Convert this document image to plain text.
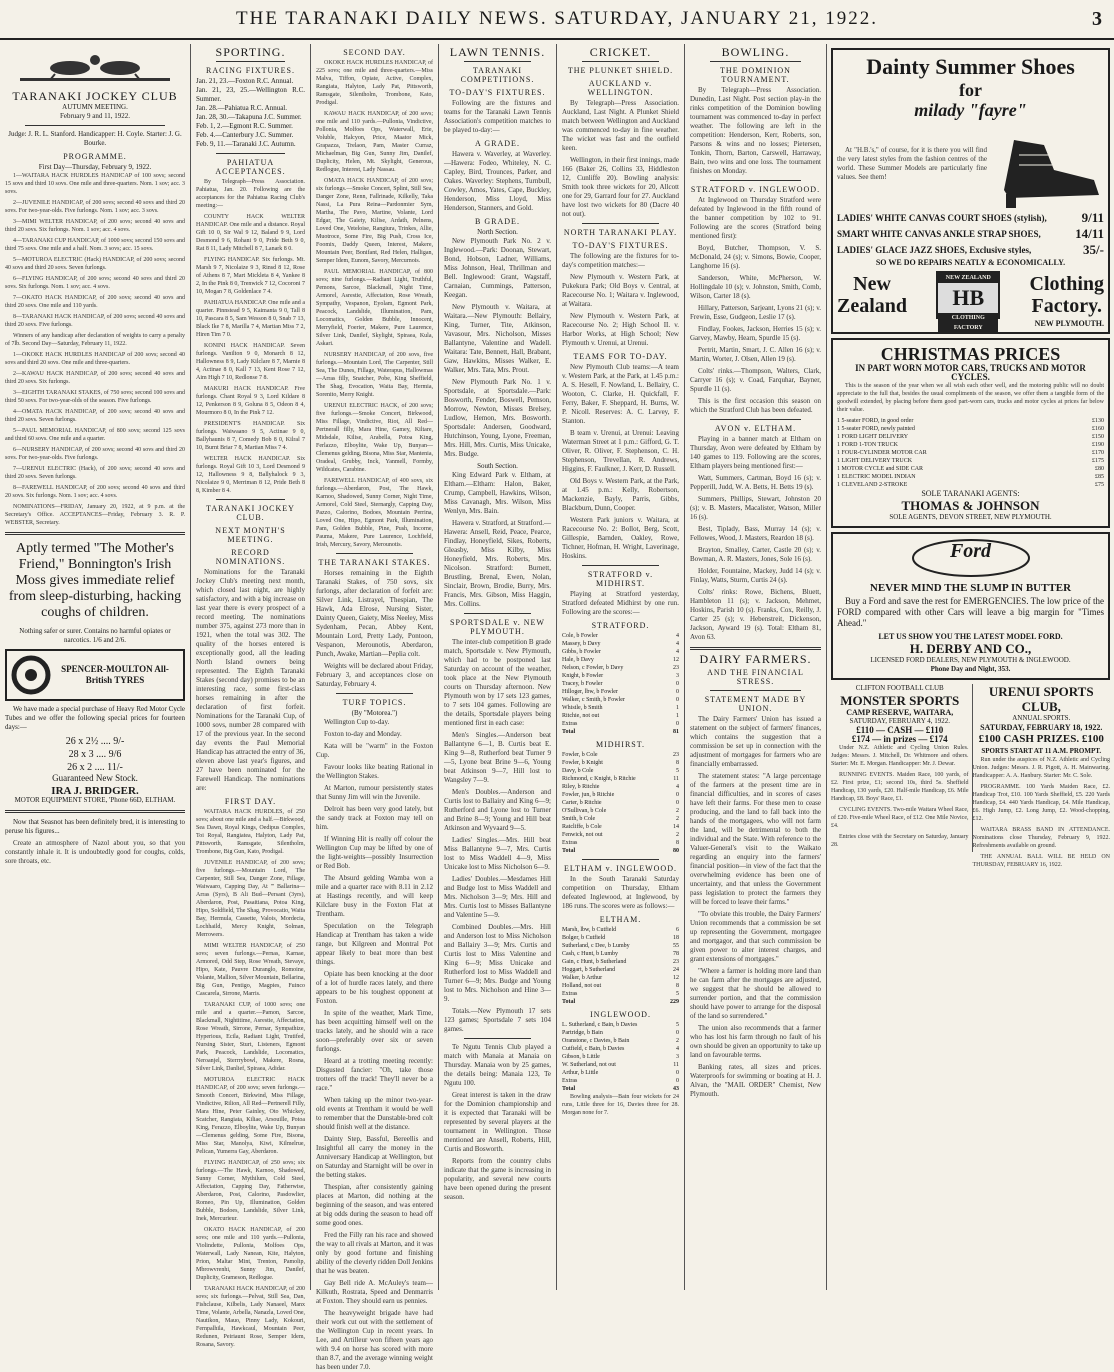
THE TARANAKI DAILY NEWS. SATURDAY, JANUARY 21, 1922.	3
TARANAKI JOCKEY CLUB
AUTUMN MEETING.
February 9 and 11, 1922.

Judge: J. R. L. Stanford. Handicapper: H. Coyle. Starter: J. G. Bourke.

PROGRAMME.
First Day—Thursday, February 9, 1922.

1—WAITARA HACK HURDLES HANDICAP of 100 sovs; second 15 sovs and third 10 sovs. One mile and three-quarters. Nom. 1 sov; acc. 3 sovs.

2—JUVENILE HANDICAP, of 200 sovs; second 40 sovs and third 20 sovs. For two-year-olds. Five furlongs. Nom. 1 sov; acc. 3 sovs.

3—MIMI WELTER HANDICAP, of 200 sovs; second 40 sovs and third 20 sovs. Six furlongs. Nom. 1 sov; acc. 4 sovs.

4—TARANAKI CUP HANDICAP, of 1000 sovs; second 150 sovs and third 75 sovs. One mile and a half. Nom. 3 sovs; acc. 15 sovs.

5—MOTUROA ELECTRIC (Hack) HANDICAP, of 200 sovs; second 40 sovs and third 20 sovs. Seven furlongs.

6—FLYING HANDICAP, of 200 sovs; second 40 sovs and third 20 sovs. Six furlongs. Nom. 1 sov; acc. 4 sovs.

7—OKATO HACK HANDICAP, of 200 sovs; second 40 sovs and third 20 sovs. One mile and 110 yards.

8—TARANAKI HACK HANDICAP, of 200 sovs; second 40 sovs and third 20 sovs. Five furlongs.

Winners of any handicap after declaration of weights to carry a penalty of 7lb. Second Day—Saturday, February 11, 1922.

1—OKOKE HACK HURDLES HANDICAP of 200 sovs; second 40 sovs and third 20 sovs. One mile and three-quarters.

2—KAWAU HACK HANDICAP, of 200 sovs; second 40 sovs and third 20 sovs. Six furlongs.

3—EIGHTH TARANAKI STAKES, of 750 sovs; second 100 sovs and third 50 sovs. For two-year-olds of the season. Five furlongs.

4—OMATA HACK HANDICAP, of 200 sovs; second 40 sovs and third 20 sovs. Seven furlongs.

5—PAUL MEMORIAL HANDICAP, of 800 sovs; second 125 sovs and third 60 sovs. One mile and a quarter.

6—NURSERY HANDICAP, of 200 sovs; second 40 sovs and third 20 sovs. For two-year-olds. Five furlongs.

7—URENUI ELECTRIC (Hack), of 200 sovs; second 40 sovs and third 20 sovs. Seven furlongs.

8—FAREWELL HANDICAP, of 200 sovs; second 40 sovs and third 20 sovs. Six furlongs. Nom. 1 sov; acc. 4 sovs.

NOMINATIONS—FRIDAY, January 20, 1922, at 9 p.m. at the Secretary's Office. ACCEPTANCES—Friday, February 3. R. P. WEBSTER, Secretary.

Aptly termed "The Mother's Friend," Bonnington's Irish Moss gives immediate relief from sleep-disturbing, hacking coughs of children.

Nothing safer or surer. Contains no harmful opiates or narcotics. 1/6 and 2/6.

SPENCER-MOULTON All-British TYRES

We have made a special purchase of Heavy Red Motor Cycle Tubes and we offer the following special prices for fourteen days:—

26 x 2½ .... 9/-
28 x 3 .... 9/6
26 x 2 .... 11/-
Guaranteed New Stock.
IRA J. BRIDGER.
MOTOR EQUIPMENT STORE, 'Phone 66D, ELTHAM.

Now that Seasnot has been definitely bred, it is interesting to peruse his figures...

Create an atmosphere of Nazol about you, so that you constantly inhale it. It is undoubtedly good for coughs, colds, sore throats, etc.

SPORTING.
RACING FIXTURES.
Jan. 21, 23.—Foxton R.C. Annual.
Jan. 21, 23, 25.—Wellington R.C. Summer.
Jan. 28.—Pahiatua R.C. Annual.
Jan. 28, 30.—Takapuna J.C. Summer.
Feb. 1, 2.—Egmont R.C. Summer.
Feb. 4.—Canterbury J.C. Summer.
Feb. 9, 11.—Taranaki J.C. Autumn.
PAHIATUA ACCEPTANCES.

By Telegraph—Press Association. Pahiatua, Jan. 20. Following are the acceptances for the Pahiatua Racing Club's meeting:—

COUNTY HACK WELTER HANDICAP. One mile and a distance. Royal Gift 10 0, Sir Wal 9 12, Baland 9 9, Lord Desmond 9 6, Rohani 9 0, Pride Beth 9 0, Rat 8 11, Lady Mitchell 8 7, Lanark 8 0.

FLYING HANDICAP. Six furlongs. Mt. Marsh 9 7, Nicolaize 9 3, Rinsd 8 12, Rose of Athens 8 7, Mart Mickleta 8 4, Yankee 8 2, In the Pink 8 0, Trenwick 7 12, Cocoroni 7 10, Mogan 7 8, Goldenlace 7 4.

PAHIATUA HANDICAP. One mile and a quarter. Pinnstead 9 5, Kaimanta 9 0, Tall 8 10, Pascara 8 5, Sam Wesson 8 0, Snab 7 13, Black Ike 7 8, Marilla 7 4, Martian Miss 7 2, Hiren Tim 7 0.

KONINI HACK HANDICAP. Seven furlongs. Vanilton 9 0, Monarch 8 12, Hallowness 8 9, Lady Kilclare 8 7, Marnie 8 4, Actinae 8 0, Kall 7 13, Kent Rose 7 12, Aim High 7 10, Redlonse 7 8.

MAKURI HACK HANDICAP. Five furlongs. Chant Royal 9 3, Lord Kildare 8 12, Penkerson 8 9, Goluna 8 5, Odeon 8 4, Mourmoro 8 0, In the Pink 7 12.

PRESIDENT'S HANDICAP. Six furlongs. Waiwaano 9 5, Actinae 9 0, Ballyhaunis 8 7, Comedy Bob 8 0, Kilral 7 10, Burnt Briar 7 8, Martian Miss 7 4.

WELTER HACK HANDICAP. Six furlongs. Royal Gift 10 3, Lord Desmond 9 12, Hallowness 9 8, Ballyhalock 9 3, Nicolaize 9 0, Merriman 8 12, Pride Beth 8 8, Kimber 8 4.

TARANAKI JOCKEY CLUB.
NEXT MONTH'S MEETING.
RECORD NOMINATIONS.

Nominations for the Taranaki Jockey Club's meeting next month, which closed last night, are highly satisfactory, and with a big increase on last year there is every prospect of a record meeting. The nominations number 375, against 273 more than in 1921, when the total was 302. The quality of the horses entered is exceptionally good, all the leading North Island owners being represented. The Eighth Taranaki Stakes (second day) promises to be an interesting race, some first-class horses remaining in after the declaration of first forfeit. Nominations for the Taranaki Cup, of 1000 sovs, number 28 compared with 17 of the previous year. In the second day events the Paul Memorial Handicap has attracted the entry of 36, eleven above last year's figures, and 27 have been nominated for the Farewell Handicap. The nominations are:

FIRST DAY.

WAITARA HACK HURDLES, of 250 sovs; about one mile and a half.—Birkwood, Sea Dawn, Royal Kings, Oedipus Complex, Toi Royal, Rangiatea, Halyton, Lady Pat, Pittsworth, Ramsgate, Silentholm, Trombone, Big Gun, Kato, Prodigal.

JUVENILE HANDICAP, of 200 sovs; five furlongs.—Mountain Lord, The Carpenter, Still Sea, Danger Zone, Fillage, Waiwaaro, Capping Day, At ''' Ballarina—Arras (Syrs), B Ali Bud—Persant (3yrs), Aberdaron, Post, Pasaitiana, Potoa King, Hipo, Soldfield, The Shag, Provocatio, Waita Bay, Hermula, Cassette, Valois, Mordecia, Lochhaild, Mercy Knight, Solman, Merrowers.

MIMI WELTER HANDICAP, of 250 sovs; seven furlongs.—Pernas, Karnae, Armored, Odd Step, Rose Wreath, Stevaye, Hipo, Kate, Pauvre Duranglo, Romoine, Volante, Mallion, Silver Mountain, Bellarina, Big Gun, Pentigo, Magpies, Fuinco Cascarela, Sirrone, Marris.

TARANAKI CUP, of 1000 sovs; one mile and a quarter.—Pamon, Sarcoe, Blackmall, Nightitime, Asrestie, Affectation, Rose Wreath, Sirrone, Pernar, Sympathize, Hyperious, Ecila, Radiant Light, Trutifed, Nursing Sister, Sturt, Listeners, Egmont Park, Peacock, Landslide, Locomatics, Neroanjel, Sterrrybowl, Makere, Rosna, Silver Link, Danlief, Spiraea, Adidar.

MOTUROA ELECTRIC HACK HANDICAP, of 200 sovs; seven furlongs.—Smooth Concert, Birkwind, Miss Fillage, Vindictive, Rilion, All Red—Pertnerell Filly, Mara Hine, Peter Gainley, Oto Whickey, Scatcher, Rangiata, Kiliae, Arsouille, Potoa King, Ferazzo, Elboylite, Wake Up, Bunyan—Clemenus gelding, Some Fire, Bisona, Miss Star, Manolya, Kiwi, Kilmelrue, Pelican, Yumerra Gay, Aberdaron.

FLYING HANDICAP, of 250 sovs; six furlongs.—The Hawk, Karnoo, Shadowed, Sunny Corner, Mythilum, Cold Steel, Affectation, Capping Day, Fatherwise, Aberdaron, Post, Calorino, Pasdowlier, Romeo, Pin Up, Illumination, Golden Bubble, Bodoes, Landslide, Silver Link, Inek, Mercurieur.

OKATO HACK HANDICAP, of 200 sovs; one mile and 110 yards.—Pullonia, Violindette, Pullonia, Molfoes Ops, Waterwall, Lady Nanean, Kite, Halyton, Prion, Maltar Mint, Trenton, Pamolip, Mbrowvrenhi, Sunny Jim, Danilef, Duplicity, Grameson, Redlogue.

TARANAKI HACK HANDICAP, of 200 sovs; six furlongs.—Pelvat, Still Sea, Dan, Fishclause, Kilbelis, Lady Nanaeel, Manx Time, Volante, Arbella, Nanazla, Loved One, Nautikon, Mauo, Pinny Lady, Kokouri, Fernpalhila, Hawkcaul, Mountain Peer, Redunen, Peiriaunt Rose, Semper Idem, Rosana, Savory.

SECOND DAY.

OKOKE HACK HURDLES HANDICAP, of 225 sovs; one mile and three-quarters.—Miss Malva, Tiffon, Opiate, Active, Complex, Rangiata, Halyton, Lady Pat, Pittsworth, Ramsgate, Silentholm, Trombone, Kato, Prodigal.

KAWAU HACK HANDICAP, of 200 sovs; one mile and 110 yards.—Pullonia, Vindictive, Pollonia, Molfoes Ops, Waterwall, Erie, Voluble, Halcyon, Price, Maator Mick, Grapazza, Trelaon, Pam, Master Curraz, Michaelman, Big Gun, Sunny Jim, Danilef, Duplicity, Helen, Mt. Skylight, Generous, Redlogue, Interest, Lady Nassau.

OMATA HACK HANDICAP, of 200 sovs; six furlongs.—Smoke Concert, Splint, Still Sea, Danger Zone, Renn, Fallrinade, Kilkelly, Taka Nassi, La Pura Reina—Pardonmier Sym, Martha, The Pavo, Martine, Volante, Lord Edgar, The Gaiety, Kilise, Ardath, Pelnens, Loved One, Veteloise, Rangiura, Trinkes, Allie, Muotroce, Some Fire, Big Push, Cross Ice, Foomix, Daddy Queen, Interest, Makere, Mountain Peer, Bonifant, Red Helen, Halligan, Semper Idem, Eunom, Savory, Mercurnois.

PAUL MEMORIAL HANDICAP, of 800 sovs; nine furlongs.—Radiant Light, Truthful, Pemons, Sarcoe, Blackmall, Night Time, Armorel, Asrestie, Affectation, Rose Wreath, Sympathy, Vespanon, Eyolam, Egmont Park, Peacock, Landslide, Illumination, Pam, Locomatics, Golden Bubble, Innocent, Merryfield, Foerier, Makere, Pure Laurence, Silver Link, Danilef, Skylight, Spiraea, Kula, Askari.

NURSERY HANDICAP, of 200 sovs, five furlongs.—Mountain Lord, The Carpenter, Still Sea, The Dunes, Fillage, Waterapus, Hallowmas—Arras filly, Snatcher, Pobe, King Sheffield, The Shag, Evocation, Waita Bay, Hermia, Sorenito, Merry Knight.

URENUI ELECTRIC HACK, of 200 sovs; five furlongs.—Smoke Concert, Birkwood, Miss Fillage, Vindictive, Riot, All Red—Pertnerall filly, Mara Hine, Gamey, Kiltare, Midsdale, Kilise, Arabella, Potoa King, Ferlazzo, Elboylite, Wake Up, Bunyan—Clemenus gelding, Bisona, Miss Star, Mantenia, Oradeal, Grubby, Inck, Yanmell, Formby, Wildcates, Carabine.

FAREWELL HANDICAP, of 400 sovs, six furlongs.—Aberdaron, Post, The Hawk, Karnoo, Shadowed, Sunny Corner, Night Time, Armorel, Cold Steel, Sternargly, Capping Day, Pazzo, Calorino, Bodoes, Mountain Perrina, Loved One, Hipo, Egmont Park, Illumination, Pam, Golden Bubble, Pine, Push, Incorne, Pauma, Makere, Pure Laurence, Lochfield, Irish, Mercury, Savory, Merounotis.

THE TARANAKI STAKES.

Horses remaining in the Eighth Taranaki Stakes, of 750 sovs, six furlongs, after declaration of forfeit are: Silver Link, Listrayel, Thespian, The Hawk, Ada Elrose, Nursing Sister, Dainty Queen, Gaiety, Miss Neeley, Miss Sydenham, Pecan, Abbey Kent, Mountain Lord, Pretty Lady, Pontoon, Vespanon, Merounotis, Aberdaron, Punch, Awake, Martian—Peplia colt.

Weights will be declared about Friday, February 3, and acceptances close on Saturday, February 4.

TURF TOPICS.
(By "Motorea.")

Wellington Cup to-day.

Foxton to-day and Monday.

Kata will be "warm" in the Foxton Cup.

Favour looks like beating Rational in the Wellington Stakes.

At Marton, rumour persistently states that Sunny Jim will win the Juvenile.

Delroit has been very good lately, but the sandy track at Foxton may tell on him.

If Winning Hit is really off colour the Wellington Cup may be lifted by one of the light-weights—possibly Insurrection or Red Bob.

The Absurd gelding Wamba won a mile and a quarter race with 8.11 in 2.12 at Hastings recently, and will keep Kilclare busy in the Foxton Flat at Trentham.

Speculation on the Telegraph Handicap at Trentham has taken a wide range, but Kilgreen and Montral Pot appear likely to beat more than best things.

Opiate has been knocking at the door of a lot of hurdle races lately, and there appears to be his toughest opponent at Foxton.

In spite of the weather, Mark Time, has been acquitting himself well on the tracks lately, and he should win a race soon—preferably over six or seven furlongs.

Heard at a trotting meeting recently: Disgusted fancier: "Oh, take those trotters off the track! They'll never be a race."

When taking up the minor two-year-old events at Trentham it would be well to remember that the Dunstable-bred colt should finish well at the distance.

Dainty Step, Bassful, Bereellis and Insightful all carry the money in the Anniversary Handicap at Wellington, but on Saturday and Starnight will be over in the betting stakes.

Thespian, after consistently gaining places at Marton, did nothing at the beginning of the season, and was entered at big odds during the season to head off some good ones.

Fred the Filly ran his race and showed the way to all rivals at Marton, and it was only by good fortune and finishing ability of the cleverly ridden Doll Jenkins that he was beaten.

Gay Bell ride A. McAuley's team—Kilkuth, Rostrata, Speed and Denmarris at Foxton. They should earn us pennies.

The heavyweight brigade have had their work cut out with the settlement of the Wellington Cup in recent years. In Lee, and Artilleur won fifteen years ago with 9.4 on horse has scored with more than 8.7, and the average winning weight has been under 7.0.

LAWN TENNIS.
TARANAKI COMPETITIONS.
TO-DAY'S FIXTURES.

Following are the fixtures and teams for the Taranaki Lawn Tennis Association's competition matches to be played to-day:—

A GRADE.

Hawera v. Waverley, at Waverley.—Hawera: Fodeo, Whiteley, N. C. Capley, Bird, Trounces, Parker, and Oakes. Waverley: Stephens, Turnbull, Cowley, Amos, Yates, Cape, Buckley, Henderson, Miss Lloyd, Miss Henderson, Stanners, and Gold.

B GRADE.
North Section.

New Plymouth Park No. 2 v. Inglewood.—Park: Doonan, Stewart, Bond, Hobson, Ladner, Williams, Miss Johnson, Heal, Thrillman and Bell. Inglewood: Grant, Wagstaff, Carnaian, Cummings, Patterson, Keegan.

New Plymouth v. Waitara, at Waitara.—New Plymouth: Bellairy, King, Turner, Tite, Atkinson, Vavasour, Mrs. Nicholson, Misses Ballantyne, Valentine and Wadell. Waitara: Tate, Bennett, Hall, Brabant, Gaw, Hawkins, Misses Walker, E. Walker, Mrs. Tata, Mrs. Prout.

New Plymouth Park No. 1 v. Sportsdale, at Sportsdale.—Park: Bosworth, Fender, Boswell, Pemson, Morrow, Newton, Misses Brelsey, Ludlow, Hemon, Mrs. Bosworth. Sportsdale: Andersen, Goodward, Hutchinson, Young, Lyone, Freeman, Mrs. Hill, Mrs. Curtis, Miss Unicake, Mrs. Budge.

South Section.

King Edward Park v. Eltham, at Eltham.—Eltham: Halon, Baker, Crump, Campbell, Hawkins, Wilson, Miss Cavanagh, Mrs. Wilson, Miss Wenlyn, Mrs. Bain.

Hawera v. Stratford, at Stratford.—Hawera: Ansell, Reid, Peace, Pearce, Findlay, Honeyfield, Sikes, Roberts, Gleasby, Miss Kilby, Miss Honeyfield, Mrs. Roberts, Mrs. Nicolson. Stratford: Burnett, Brustling, Brenal, Ewen, Nolan, Sinclair, Brown, Brodie, Burry, Mrs. Francis, Mrs. Gibson, Miss Haggin, Mrs. Collins.

SPORTSDALE v. NEW PLYMOUTH.

The inter-club competition B grade match, Sportsdale v. New Plymouth, which had to be postponed last Saturday on account of the weather, took place at the New Plymouth courts on Thursday afternoon. New Plymouth won by 17 sets 123 games, to 7 sets 104 games. Following are the details, Sportsdale players being mentioned first in each case:

Men's Singles.—Anderson beat Ballantyne 6—1, B. Curtis beat E. King 9—8, Rutherford beat Turner 9—5, Lyone beat Brine 9—6, Young beat Atkinson 9—7, Hill lost to Wangsley 7—9.

Men's Doubles.—Anderson and Curtis lost to Ballairy and King 6—9; Rutherford and Lyone lost to Turner and Brine 8—9; Young and Hill beat Atkinson and Wyvaard 9—5.

Ladies' Singles.—Mrs. Hill beat Miss Ballantyne 9—7, Mrs. Curtis lost to Miss Waddell 4—9, Miss Unicake lost to Miss Nicholson 6—9.

Ladies' Doubles.—Mesdames Hill and Budge lost to Miss Waddell and Mrs. Nicholson 3—9; Mrs. Hill and Mrs. Curtis lost to Misses Ballantyne and Valentine 5—9.

Combined Doubles.—Mrs. Hill and Anderson lost to Miss Nicholson and Ballairy 3—9; Mrs. Curtis and Curtis lost to Miss Valentine and King 6—9; Miss Unicake and Rutherford lost to Miss Waddell and Turner 6—9; Mrs. Budge and Young lost to Mrs. Nicholson and Hine 3—9.

Totals.—New Plymouth 17 sets 123 games; Sportsdale 7 sets 104 games.

Te Ngutu Tennis Club played a match with Manaia at Manaia on Thursday. Manaia won by 25 games, the details being: Manaia 123, Te Ngutu 100.

Great interest is taken in the draw for the Dominion championship and it is expected that Taranaki will be represented by several players at the tournament in Wellington. Those mentioned are Ansell, Roberts, Hill, Curtis and Bosworth.

Reports from the country clubs indicate that the game is increasing in popularity, and several new courts have been opened during the present season.

CRICKET.
THE PLUNKET SHIELD.
AUCKLAND v. WELLINGTON.

By Telegraph—Press Association. Auckland, Last Night. A Plunket Shield match between Wellington and Auckland was commenced to-day in fine weather. The wicket was fast and the outfield keen.

Wellington, in their first innings, made 166 (Baker 26, Collins 33, Hiddleston 12, Cunliffe 20). Bowling analysis: Smith took three wickets for 20, Allcott one for 29, Garrard four for 27. Auckland have lost two wickets for 80 (Dacre 40 not out).

NORTH TARANAKI PLAY.
TO-DAY'S FIXTURES.

The following are the fixtures for to-day's competition matches:—

New Plymouth v. Western Park, at Pukekura Park; Old Boys v. Central, at Racecourse No. 1; Waitara v. Inglewood, at Waitara.

New Plymouth v. Western Park, at Racecourse No. 2; High School II. v. Harbor Works, at High School; New Plymouth v. Urenui, at Urenui.

TEAMS FOR TO-DAY.

New Plymouth Club teams:—A team v. Western Park, at the Park, at 1.45 p.m.: A. S. Hesell, F. Nowland, L. Bellairy, C. Wooton, C. Clarke, H. Quickfall, F. Ferry, Baker, F. Sheppard, H. Burns, W. P. Nicoll. Reserves: A. C. Larvey, F. Stanton.

B team v. Urenui, at Urenui: Leaving Waterman Street at 1 p.m.: Gifford, G. T. Oliver, R. Oliver, F. Stephenson, C. H. Stephenson, Trevellan, R. Andrews, Higgins, F. Faulkner, J. Kerr, D. Russell.

Old Boys v. Western Park, at the Park, at 1.45 p.m.: Kelly, Robertson, Mackenzie, Bayly, Parris, Gibbs, Blackburn, Dunn, Cooper.

Western Park juniors v. Waitara, at Racecourse No. 2: Bollot, Berg, Scott, Gillespie, Barnden, Oakley, Rowe, Tichner, Hofman, H. Wright, Laverinage, Hoskins.

STRATFORD v. MIDHIRST.

Playing at Stratford yesterday, Stratford defeated Midhirst by one run. Following are the scores:—

STRATFORD.
Cole, b Fowler	4
Massey, b Davy	4
Gibbs, b Fowler	4
Hale, b Davy	12
Nelson, c Fowler, b Davy	23
Knight, b Fowler	3
Tracey, b Fowler	0
Hilloger, lbw, b Fowler	0
Walker, c Smith, b Fowler	0
Whistle, b Smith	1
Ritchie, not out	1
Extras	0
Total	81
MIDHIRST.
Fowler, b Cole	23
Fowler, b Knight	8
Davy, b Cole	5
Richmond, c Knight, b Ritchie	11
Riley, b Ritchie	4
Fowler, jun, b Ritchie	0
Carter, b Ritchie	0
O'Sullivan, b Cole	2
Smith, b Cole	2
Ratcliffe, b Cole	14
Fenwick, not out	2
Extras	8
Total	80
ELTHAM v. INGLEWOOD.

In the South Taranaki Saturday competition on Thursday, Eltham defeated Inglewood, at Inglewood, by 186 runs. The scores were as follows:—

ELTHAM.
Marsh, lbw, b Cutfield	6
Bolger, b Cutfield	18
Sutherland, c Dee, b Lumby	55
Cash, c Hunt, b Lumby	78
Gain, c Hunt, b Sutherland	23
Hoggart, b Sutherland	24
Walker, b Arthur	12
Holland, not out	8
Extras	5
Total	229
INGLEWOOD.
L. Sutherland, c Bain, b Davies	5
Partridge, b Bain	0
Oranstone, c Davies, b Bain	2
Cutfield, c Bain, b Davies	4
Gibson, b Little	3
W. Sutherland, not out	11
Arthur, b Little	0
Extras	0
Total	43

Bowling analysis—Bain four wickets for 24 runs, Little three for 16, Davies three for 28. Morgan none for 7.

BOWLING.
THE DOMINION TOURNAMENT.

By Telegraph—Press Association. Dunedin, Last Night. Post section play-in the rinks competition of the Dominion bowling tournament was commenced to-day in perfect weather. The following are left in the competition: Henderson, Kerr, Roberts, son, Parsons & wins and no losses; Pietersen, Tonkin, Thorn, Barton, Carswell, Harraway, Bain, two wins and one loss. The tournament finishes on Monday.

STRATFORD v. INGLEWOOD.

At Inglewood on Thursday Stratford were defeated by Inglewood in the fifth round of the banner competition by 102 to 91. Following are the scores (Stratford being mentioned first):

Boyd, Butcher, Thompson, V. S. McDonald, 24 (s); v. Simons, Bowie, Cooper, Langhorne 16 (s).

Sanderson, White, McPherson, W. Hollingdale 10 (s); v. Johnston, Smith, Comb, Wilson, Carter 18 (s).

Hillary, Patterson, Sarjeant, Lyons 21 (s); v. Frewin, Esse, Gudgeon, Leslie 17 (s).

Findlay, Fookes, Jackson, Herries 15 (s); v. Garvey, Mawby, Hearn, Spurdle 15 (s).

Pertrit, Martin, Smart, J. C. Allen 16 (s); v. Martin, Worter, J. Olsen, Allen 19 (s).

Colts' rinks.—Thompson, Walters, Clark, Carryer 16 (s); v. Coad, Farquhar, Bayner, Spurdle 11 (s).

This is the first occasion this season on which the Stratford Club has been defeated.

AVON v. ELTHAM.

Playing in a banner match at Eltham on Thursday, Avon were defeated by Eltham by 140 games to 119. Following are the scores, Eltham players being mentioned first:—

Watt, Summers, Cartman, Boyd 16 (s); v. Pepperill, Judd, W. A. Betts, H. Betts 19 (s).

Summers, Phillips, Stewart, Johnston 20 (s); v. B. Masters, Macalister, Watson, Miller 16 (s).

Best, Tiplady, Bass, Murray 14 (s); v. Fellowes, Wood, J. Masters, Reardon 18 (s).

Brayton, Smalley, Carter, Castle 20 (s); v. Bowman, A. R. Masters, Jones, Sole 16 (s).

Holder, Fountaine, Mackey, Judd 14 (s); v. Finlay, Watts, Sturm, Curtis 24 (s).

Colts' rinks: Rowe, Bichens, Bluett, Hambleton 11 (s); v. Jackson, Mehmet, Hoskins, Parish 10 (s). Franks, Cox, Reilly, J. Carter 25 (s); v. Hebenstreit, Dickenson, Jackson, Ayward 19 (s). Total: Eltham 81, Avon 63.

DAIRY FARMERS.
AND THE FINANCIAL STRESS.
STATEMENT MADE BY UNION.

The Dairy Farmers' Union has issued a statement on the subject of farmers' finances, which contains the suggestion that a commission be set up in connection with the adjustment of mortgages for farmers who are financially embarrassed.

The statement states: "A large percentage of the farmers at the present time are in financial difficulties, and in scores of cases have left their farms. For these men to cease producing, and the land to fall back into the hands of the mortgagees, who will not farm the land, will be detrimental to both the individual and the State. With reference to the Valuer-General's visit to the Waikato regarding an enquiry into the farmers' financial position—in view of the fact that the overwhelming evidence has been one of uncertainty, and that unless the Government pass legislation to protect the farmers they will be forced to leave their farms."

"To obviate this trouble, the Dairy Farmers' Union recommends that a commission be set up representing the Government, mortgagee and mortgagor, and that such commission be given power to alter interest charges, and grant extensions of mortgages."

"Where a farmer is holding more land than he can farm after the mortgages are adjusted, we suggest that he should be allowed to surrender portion, and that the commission should have power to arrange for the disposal of the land so surrendered."

The union also recommends that a farmer who has lost his farm through no fault of his own should be given an opportunity to take up land on favourable terms.

Banking rates, all sizes and prices. Waterproofs for swimming or boating at H. J. Alvan, the "MAIL ORDER" Chemist, New Plymouth.

Dainty Summer Shoes
for
milady "fayre"

At "H.B.'s," of course, for it is there you will find the very latest styles from the fashion centres of the world. These Summer Models are particularly fine values. See them!

LADIES' WHITE CANVAS COURT SHOES (stylish),	9/11
SMART WHITE CANVAS ANKLE STRAP SHOES,	14/11
LADIES' GLACE JAZZ SHOES, Exclusive styles,	35/-
SO WE DO REPAIRS NEATLY & ECONOMICALLY.
New
Zealand
NEW ZEALAND
HB
CLOTHING FACTORY
Clothing
Factory.
NEW PLYMOUTH.
CHRISTMAS PRICES
IN PART WORN MOTOR CARS, TRUCKS AND MOTOR CYCLES.

This is the season of the year when we all wish each other well, and the motoring public will no doubt appreciate to the full that, besides the usual compliments of the season, we offer them a tangible form of the goodwill extended, by placing before them good part-worn cars, trucks and motor cycles at prices far below their value.

1 5-seater FORD, in good order	£130
1 5-seater FORD, newly painted	£160
1 FORD LIGHT DELIVERY	£150
1 FORD 1-TON TRUCK	£190
1 FOUR-CYLINDER MOTOR CAR	£170
1 LIGHT DELIVERY TRUCK	£175
1 MOTOR CYCLE and SIDE CAR	£80
1 ELECTRIC MODEL INDIAN	£85
1 CLEVELAND 2-STROKE	£75
SOLE TARANAKI AGENTS:
THOMAS & JOHNSON
SOLE AGENTS, DEVON STREET, NEW PLYMOUTH.
Ford
NEVER MIND THE SLUMP IN BUTTER

Buy a Ford and save the rest for EMERGENCIES. The low price of the FORD compared with other Cars will leave a big margin for "Times Ahead."

LET US SHOW YOU THE LATEST MODEL FORD.
H. DERBY AND CO.,
LICENSED FORD DEALERS, NEW PLYMOUTH & INGLEWOOD.
Phone Day and Night, 353.
CLIFTON FOOTBALL CLUB
MONSTER SPORTS
CAMP RESERVE, WAITARA,
SATURDAY, FEBRUARY 4, 1922.
£110 — CASH — £110
£174 — in prizes — £174

Under N.Z. Athletic and Cycling Union Rules. Judges: Messrs. J. Mitchell, Dr. Whitmore and others. Starter: Mr. E. Morgan. Handicapper: Mr. J. Dewar.

RUNNING EVENTS. Maiden Race, 100 yards, of £2. First prize, £1; second 10s, third 5s. Sheffield Handicap, 130 yards, £20. Half-mile Handicap, £6. Mile Handicap, £8. Boys' Race, £1.

CYCLING EVENTS. Two-mile Waitara Wheel Race, of £20. Five-mile Wheel Race, of £12. One Mile Novice, £4.

Entries close with the Secretary on Saturday, January 28.

URENUI SPORTS CLUB,
ANNUAL SPORTS.
SATURDAY, FEBRUARY 18, 1922.
£100 CASH PRIZES. £100
SPORTS START AT 11 A.M. PROMPT.

Run under the auspices of N.Z. Athletic and Cycling Union. Judges: Messrs. J. R. Pigott, A. H. Mainwaring. Handicapper: A. A. Hanbury. Starter: Mr. C. Sole.

PROGRAMME. 100 Yards Maiden Race, £2. Handicap Trot, £10. 100 Yards Sheffield, £5. 220 Yards Handicap, £4. 440 Yards Handicap, £4. Mile Handicap, £6. High Jump, £2. Long Jump, £2. Wood-chopping, £12.

WAITARA BRASS BAND IN ATTENDANCE. Nominations close Thursday, February 9, 1922. Refreshments available on ground.

THE ANNUAL BALL WILL BE HELD ON THURSDAY, FEBRUARY 16, 1922.
